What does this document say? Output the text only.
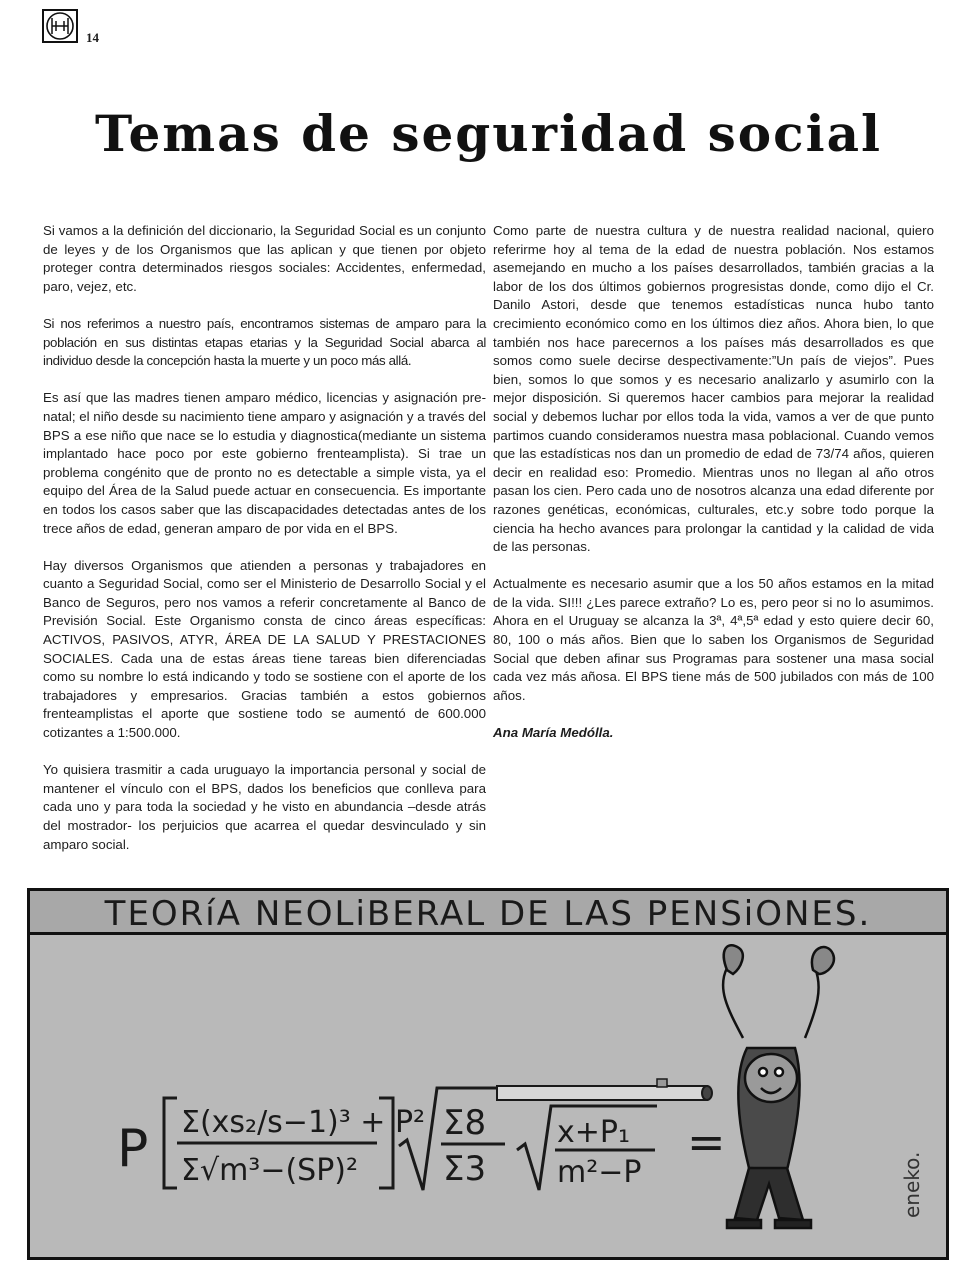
14
Temas de seguridad social

Si vamos a la definición del diccionario, la Seguridad Social es un conjunto de leyes y de los Organismos que las aplican y que tienen por objeto proteger contra determinados riesgos sociales: Accidentes, enfermedad, paro, vejez, etc.

Si nos referimos a nuestro país, encontramos sistemas de amparo para la población en sus distintas etapas etarias y la Seguridad Social abarca al individuo desde la concepción hasta la muerte y un poco más allá.

Es así que las madres tienen amparo médico, licencias y asignación pre-natal; el niño desde su nacimiento tiene amparo y asignación y a través del BPS a ese niño que nace se lo estudia y diagnostica(mediante un sistema implantado hace poco por este gobierno frenteamplista). Si trae un problema congénito que de pronto no es detectable a simple vista, ya el equipo del Área de la Salud puede actuar en consecuencia. Es importante en todos los casos saber que las discapacidades detectadas antes de los trece años de edad, generan amparo de por vida en el BPS.

Hay diversos Organismos que atienden a personas y trabajadores en cuanto a Seguridad Social, como ser el Ministerio de Desarrollo Social y el Banco de Seguros, pero nos vamos a referir concretamente al Banco de Previsión Social. Este Organismo consta de cinco áreas específicas: ACTIVOS, PASIVOS, ATYR, ÁREA DE LA SALUD Y PRESTACIONES SOCIALES. Cada una de estas áreas tiene tareas bien diferenciadas como su nombre lo está indicando y todo se sostiene con el aporte de los trabajadores y empresarios. Gracias también a estos gobiernos frenteamplistas el aporte que sostiene todo se aumentó de 600.000 cotizantes a 1:500.000.

Yo quisiera trasmitir a cada uruguayo la importancia personal y social de mantener el vínculo con el BPS, dados los beneficios que conlleva para cada uno y para toda la sociedad y he visto en abundancia –desde atrás del mostrador- los perjuicios que acarrea el quedar desvinculado y sin amparo social.

Como parte de nuestra cultura y de nuestra realidad nacional, quiero referirme hoy al tema de la edad de nuestra población. Nos estamos asemejando en mucho a los países desarrollados, también gracias a la labor de los dos últimos gobiernos progresistas donde, como dijo el Cr. Danilo Astori, desde que tenemos estadísticas nunca hubo tanto crecimiento económico como en los últimos diez años. Ahora bien, lo que también nos hace parecernos a los países más desarrollados es que somos como suele decirse despectivamente:”Un país de viejos”. Pues bien, somos lo que somos y es necesario analizarlo y asumirlo con la mejor disposición. Si queremos hacer cambios para mejorar la realidad social y debemos luchar por ellos toda la vida, vamos a ver de que punto partimos cuando consideramos nuestra masa poblacional. Cuando vemos que las estadísticas nos dan un promedio de edad de 73/74 años, quieren decir en realidad eso: Promedio. Mientras unos no llegan al año otros pasan los cien. Pero cada uno de nosotros alcanza una edad diferente por razones genéticas, económicas, culturales, etc.y sobre todo porque la ciencia ha hecho avances para prolongar la cantidad y la calidad de vida de las personas.

Actualmente es necesario asumir que a los 50 años estamos en la mitad de la vida. SI!!! ¿Les parece extraño? Lo es, pero peor si no lo asumimos. Ahora en el Uruguay se alcanza la 3ª, 4ª,5ª edad y esto quiere decir 60, 80, 100 o más años. Bien que lo saben los Organismos de Seguridad Social que deben afinar sus Programas para sostener una masa social cada vez más añosa. El BPS tiene más de 500 jubilados con más de 100 años.

Ana María Medólla.

TEORíA NEOLiBERAL DE LAS PENSiONES.
P Σ(xs₂/s−1)³ + P²
Σ√m³−(SP)²
Σ8
Σ3
x+P₁
m²−P
=
eneko.
